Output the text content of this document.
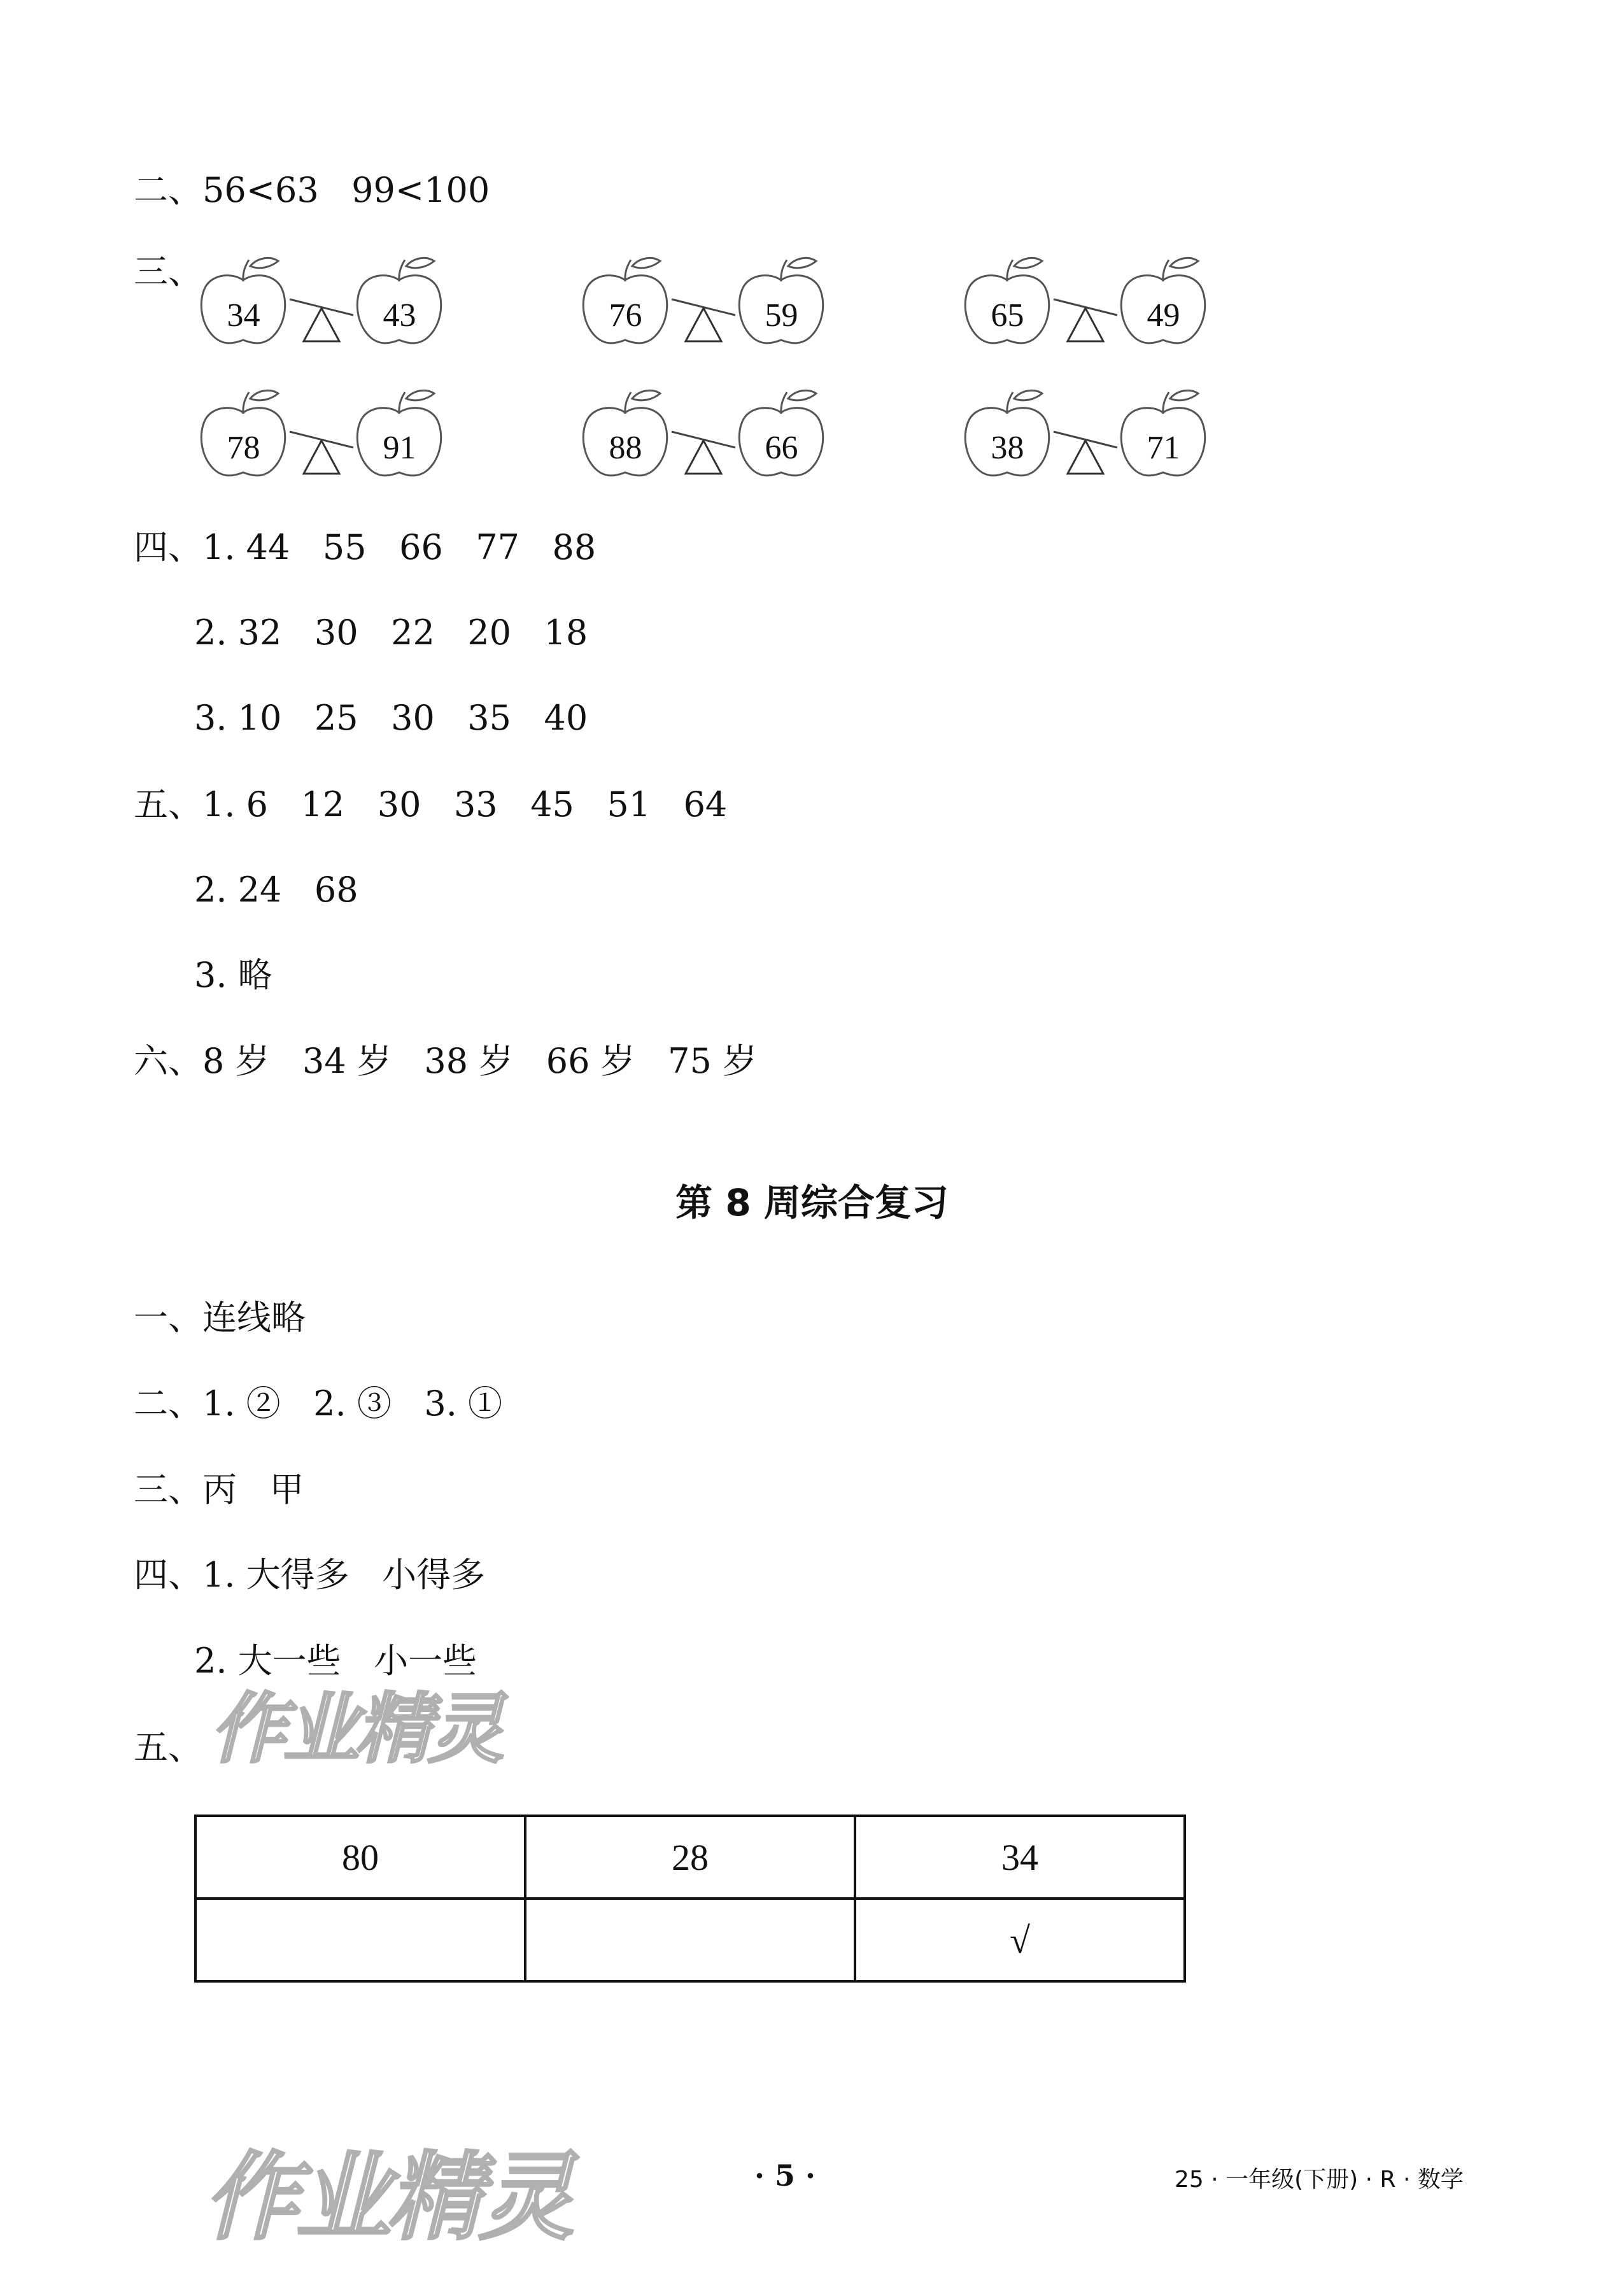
二、56<63   99<100
三、
34	43	76	59	65	49
78	91	88	66	38	71
四、1. 44   55   66   77   88
2. 32   30   22   20   18
3. 10   25   30   35   40
五、1. 6   12   30   33   45   51   64
2. 24   68
3. 略
六、8 岁   34 岁   38 岁   66 岁   75 岁
第 8 周综合复习
一、连线略
二、1. ②   2. ③   3. ①
三、丙   甲
四、1. 大得多   小得多
2. 大一些   小一些
五、 作业精灵
80	28	34
		√
作业精灵	· 5 ·	25 · 一年级(下册) · R · 数学
